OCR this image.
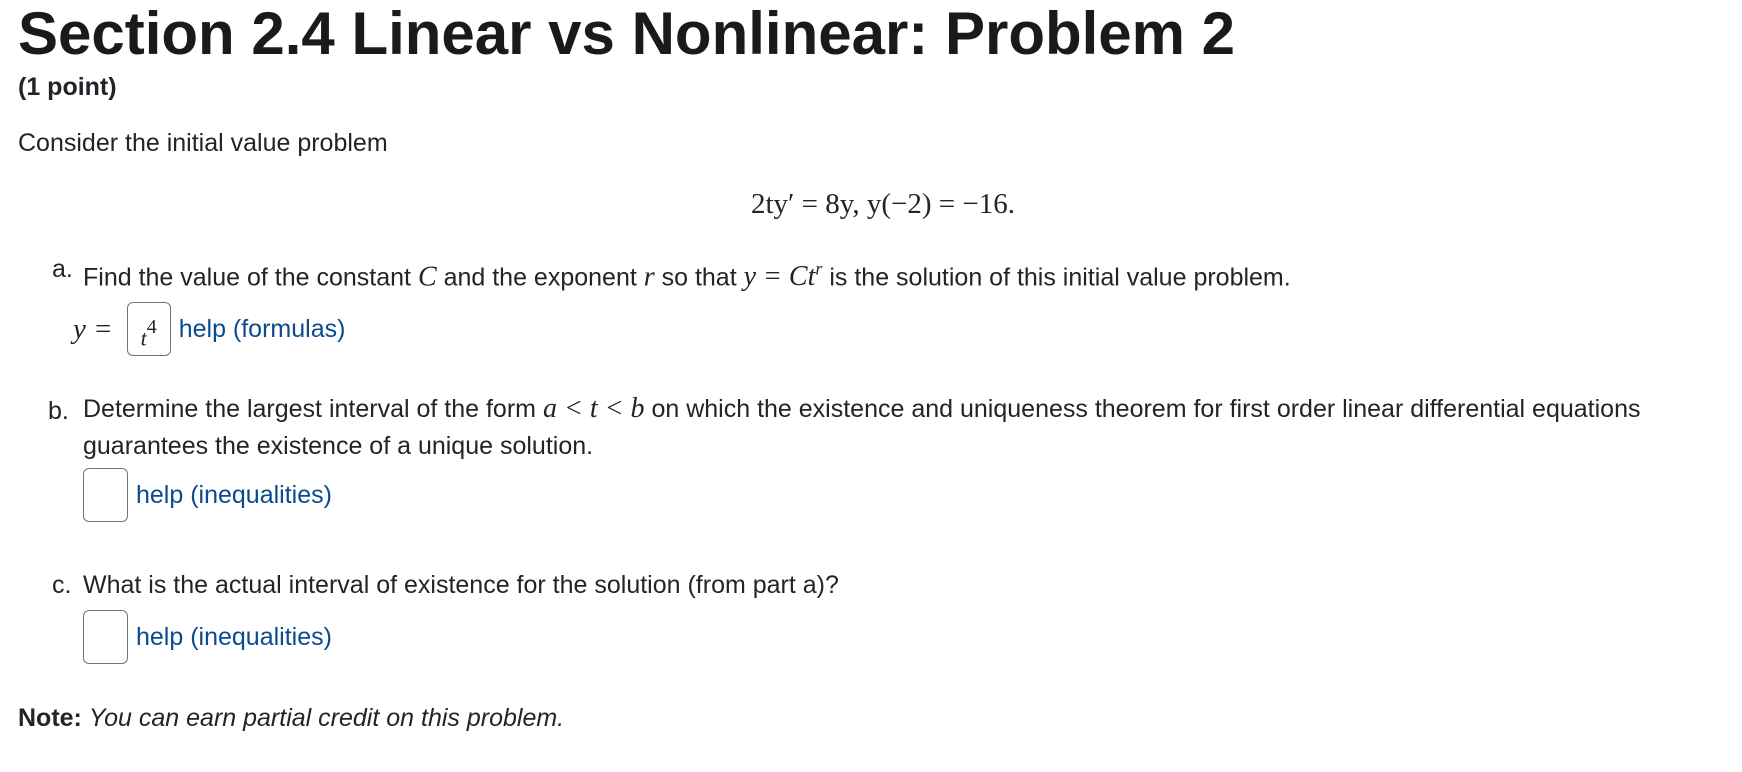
Section 2.4 Linear vs Nonlinear: Problem 2
(1 point)
Consider the initial value problem
2ty′ = 8y, y(−2) = −16.
a. Find the value of the constant C and the exponent r so that $y = Ct^r$ is the solution of this initial value problem.
$y = t^4$ help (formulas)
b. Determine the largest interval of the form a < t < b on which the existence and uniqueness theorem for first order linear differential equations guarantees the existence of a unique solution.
help (inequalities)
c. What is the actual interval of existence for the solution (from part a)?
help (inequalities)
Note: You can earn partial credit on this problem.
